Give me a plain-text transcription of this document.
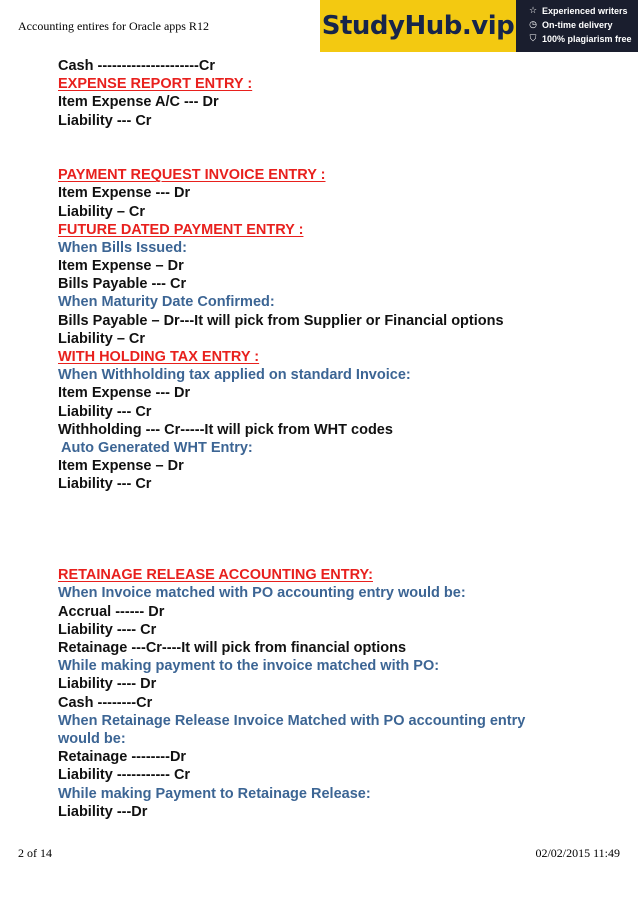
Accounting entires for Oracle apps R12	StudyHub.vip ☆ Experienced writers
◷ On-time delivery
⛉ 100% plagiarism free
Cash ---------------------Cr
EXPENSE REPORT ENTRY :
Item Expense A/C --- Dr
Liability --- Cr
PAYMENT REQUEST INVOICE ENTRY :
Item Expense --- Dr
Liability – Cr
FUTURE DATED PAYMENT ENTRY :
When Bills Issued:
Item Expense – Dr
Bills Payable --- Cr
When Maturity Date Confirmed:
Bills Payable – Dr---It will pick from Supplier or Financial options
Liability – Cr
WITH HOLDING TAX ENTRY :
When Withholding tax applied on standard Invoice:
Item Expense --- Dr
Liability --- Cr
Withholding --- Cr-----It will pick from WHT codes
Auto Generated WHT Entry:
Item Expense – Dr
Liability --- Cr
RETAINAGE RELEASE ACCOUNTING ENTRY:
When Invoice matched with PO accounting entry would be:
Accrual ------ Dr
Liability ---- Cr
Retainage ---Cr----It will pick from financial options
While making payment to the invoice matched with PO:
Liability ---- Dr
Cash --------Cr
When Retainage Release Invoice Matched with PO accounting entry
would be:
Retainage --------Dr
Liability ----------- Cr
While making Payment to Retainage Release:
Liability ---Dr
2 of 14	02/02/2015 11:49
